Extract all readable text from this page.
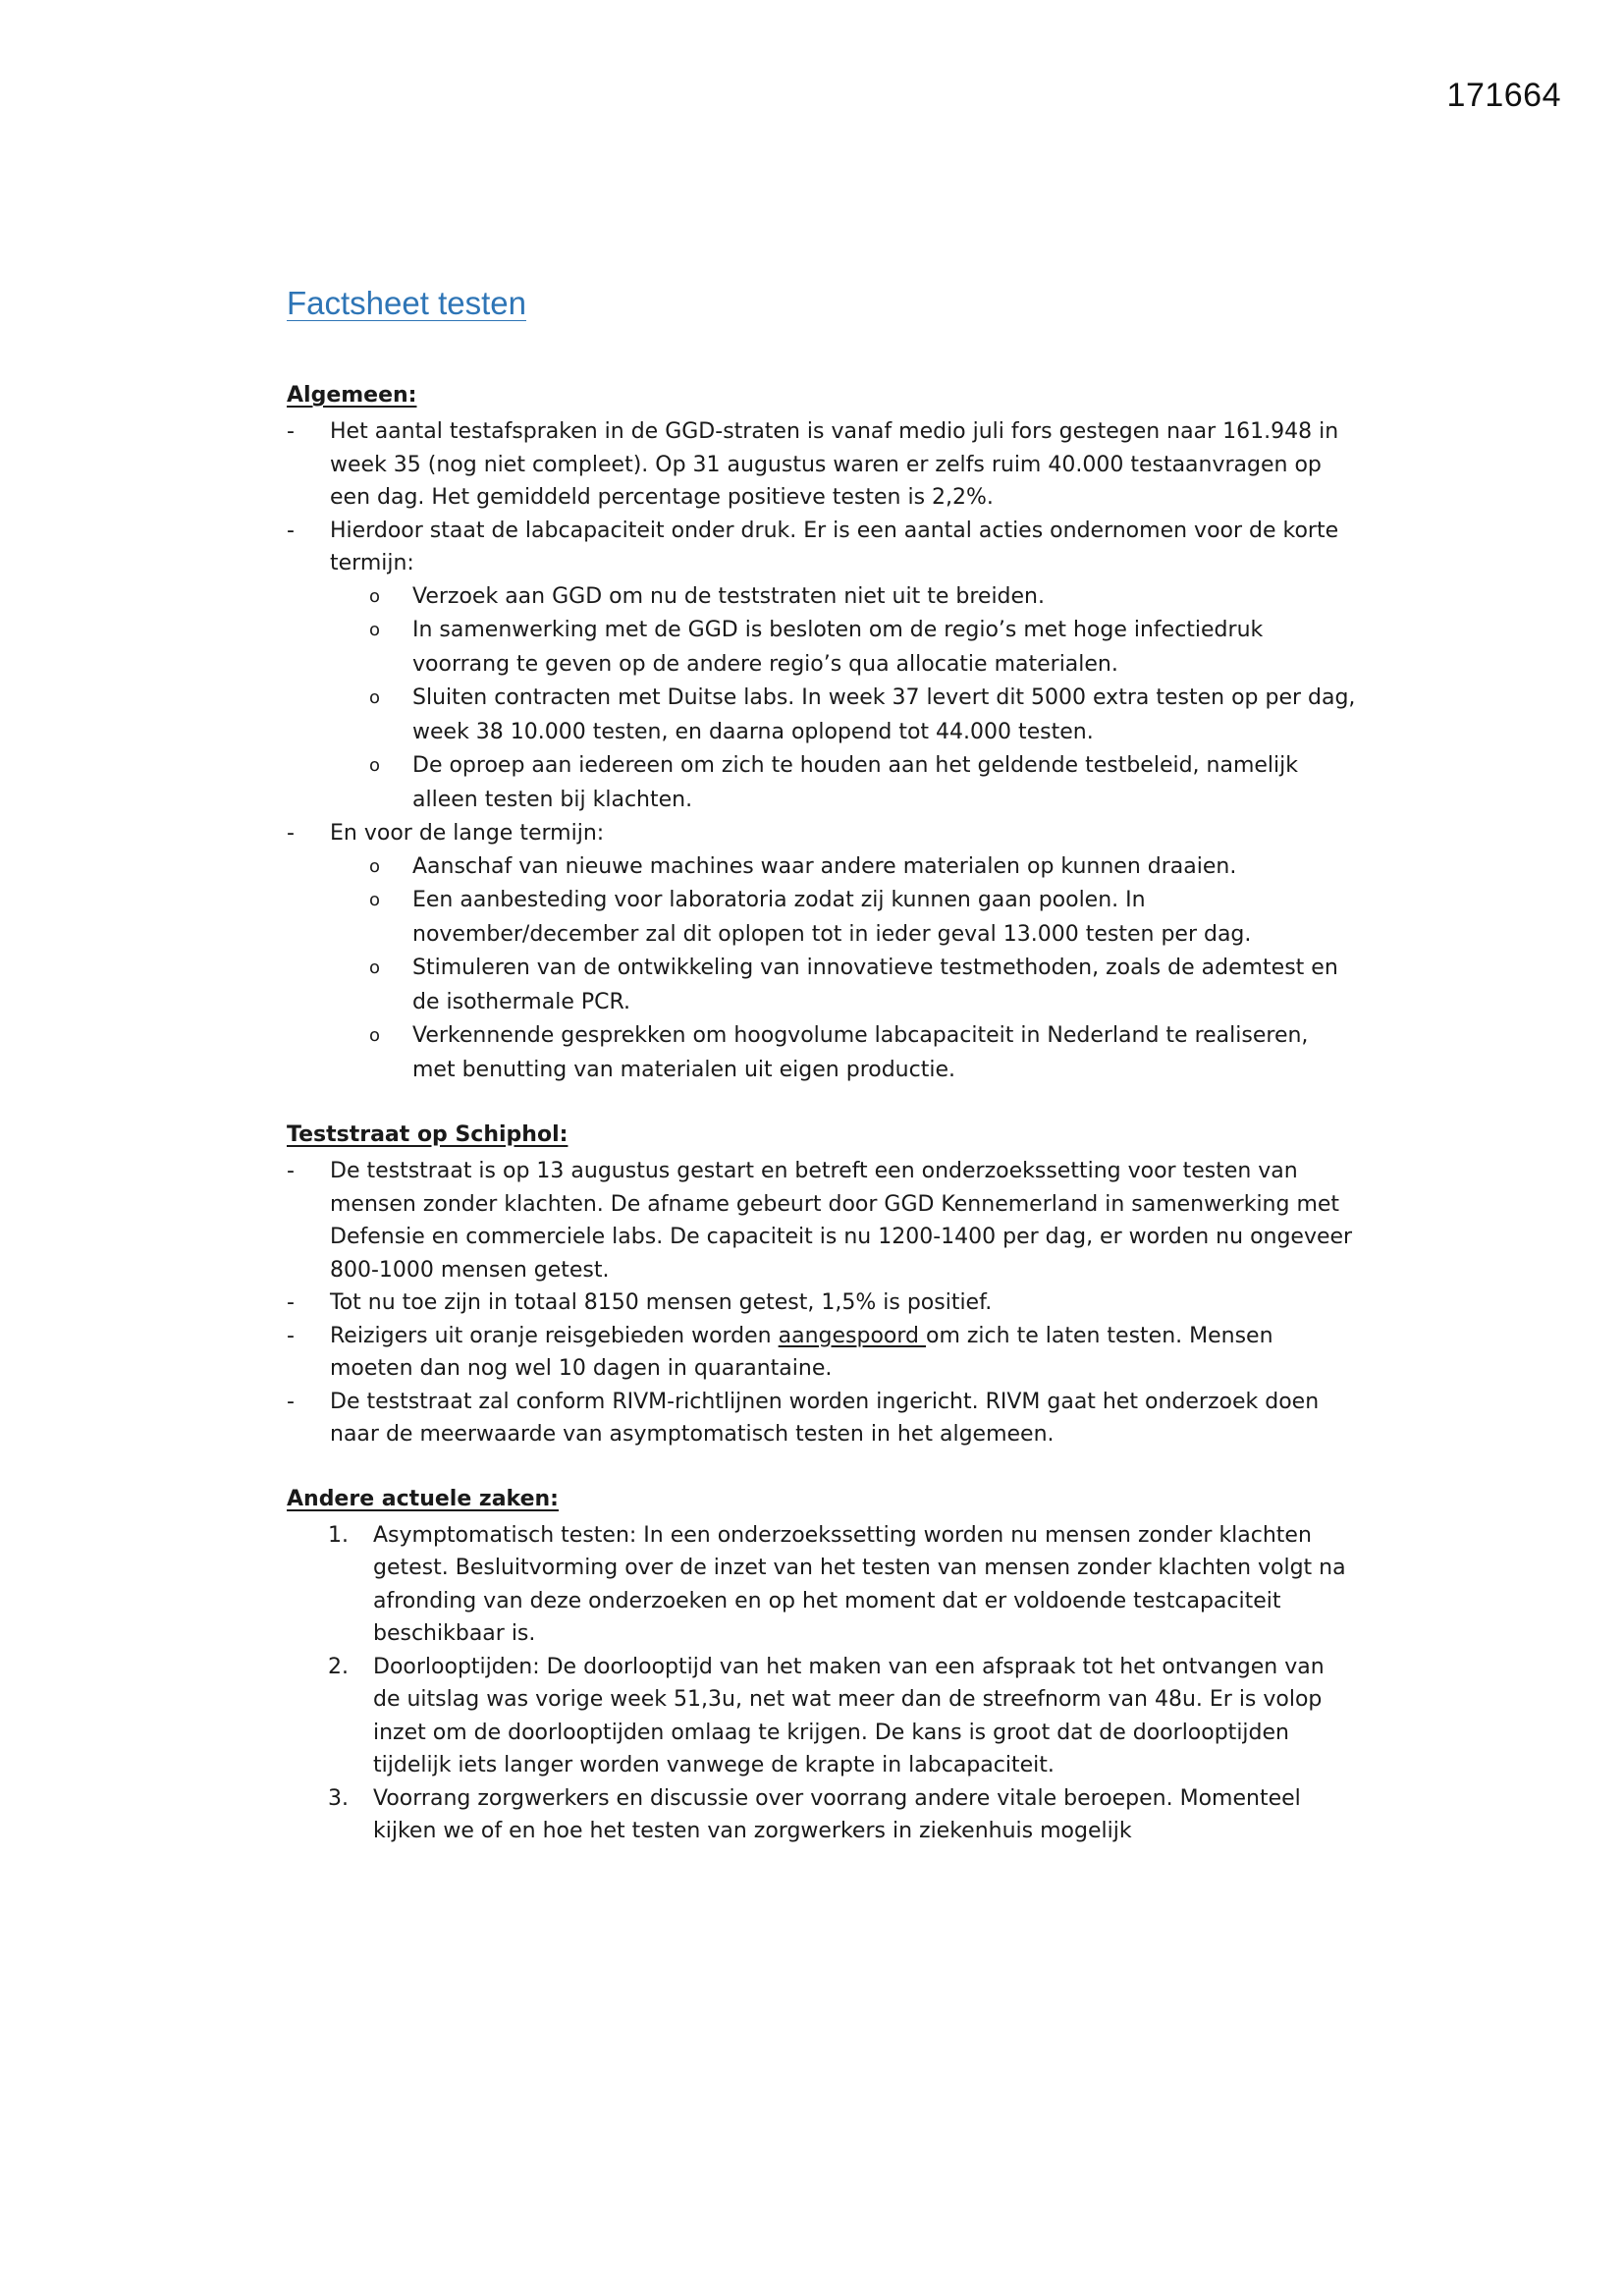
171664
Factsheet testen
Algemeen:
- Het aantal testafspraken in de GGD-straten is vanaf medio juli fors gestegen naar 161.948 in week 35 (nog niet compleet). Op 31 augustus waren er zelfs ruim 40.000 testaanvragen op een dag. Het gemiddeld percentage positieve testen is 2,2%.
- Hierdoor staat de labcapaciteit onder druk. Er is een aantal acties ondernomen voor de korte termijn:
o Verzoek aan GGD om nu de teststraten niet uit te breiden.
o In samenwerking met de GGD is besloten om de regio’s met hoge infectiedruk voorrang te geven op de andere regio’s qua allocatie materialen.
o Sluiten contracten met Duitse labs. In week 37 levert dit 5000 extra testen op per dag, week 38 10.000 testen, en daarna oplopend tot 44.000 testen.
o De oproep aan iedereen om zich te houden aan het geldende testbeleid, namelijk alleen testen bij klachten.
- En voor de lange termijn:
o Aanschaf van nieuwe machines waar andere materialen op kunnen draaien.
o Een aanbesteding voor laboratoria zodat zij kunnen gaan poolen. In november/december zal dit oplopen tot in ieder geval 13.000 testen per dag.
o Stimuleren van de ontwikkeling van innovatieve testmethoden, zoals de ademtest en de isothermale PCR.
o Verkennende gesprekken om hoogvolume labcapaciteit in Nederland te realiseren, met benutting van materialen uit eigen productie.
Teststraat op Schiphol:
- De teststraat is op 13 augustus gestart en betreft een onderzoekssetting voor testen van mensen zonder klachten. De afname gebeurt door GGD Kennemerland in samenwerking met Defensie en commerciele labs. De capaciteit is nu 1200-1400 per dag, er worden nu ongeveer 800-1000 mensen getest.
- Tot nu toe zijn in totaal 8150 mensen getest, 1,5% is positief.
- Reizigers uit oranje reisgebieden worden aangespoord om zich te laten testen. Mensen moeten dan nog wel 10 dagen in quarantaine.
- De teststraat zal conform RIVM-richtlijnen worden ingericht. RIVM gaat het onderzoek doen naar de meerwaarde van asymptomatisch testen in het algemeen.
Andere actuele zaken:
1. Asymptomatisch testen: In een onderzoekssetting worden nu mensen zonder klachten getest. Besluitvorming over de inzet van het testen van mensen zonder klachten volgt na afronding van deze onderzoeken en op het moment dat er voldoende testcapaciteit beschikbaar is.
2. Doorlooptijden: De doorlooptijd van het maken van een afspraak tot het ontvangen van de uitslag was vorige week 51,3u, net wat meer dan de streefnorm van 48u. Er is volop inzet om de doorlooptijden omlaag te krijgen. De kans is groot dat de doorlooptijden tijdelijk iets langer worden vanwege de krapte in labcapaciteit.
3. Voorrang zorgwerkers en discussie over voorrang andere vitale beroepen. Momenteel kijken we of en hoe het testen van zorgwerkers in ziekenhuis mogelijk
